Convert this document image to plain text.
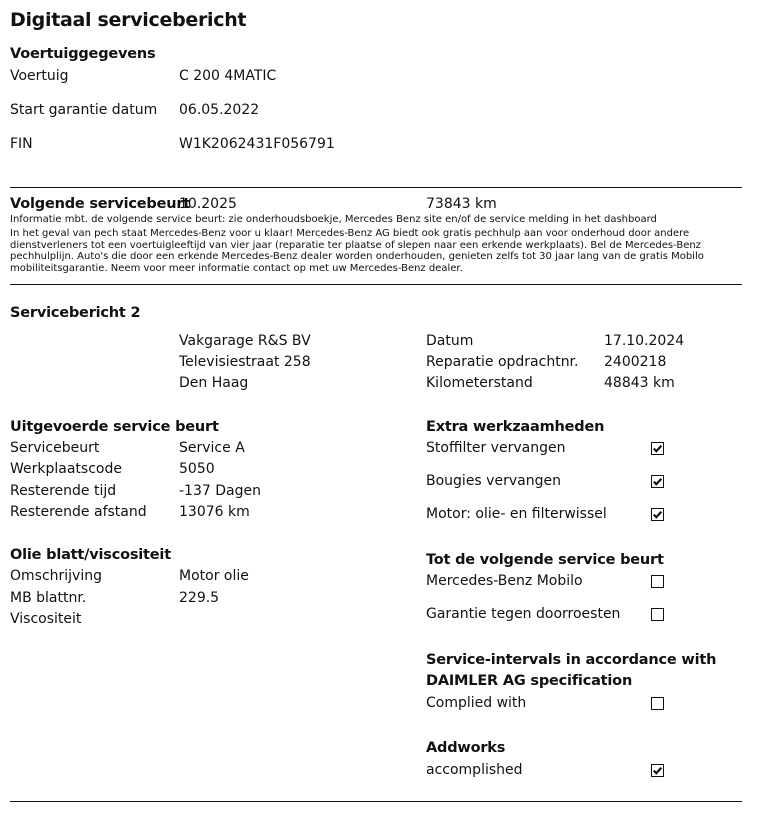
Digitaal servicebericht
Voertuiggegevens
Voertuig	C 200 4MATIC
Start garantie datum 06.05.2022
FIN	W1K2062431F056791
Volgende servicebeurt
10.2025	73843 km
Informatie mbt. de volgende service beurt: zie onderhoudsboekje, Mercedes Benz site en/of de service melding in het dashboard
In het geval van pech staat Mercedes-Benz voor u klaar! Mercedes-Benz AG biedt ook gratis pechhulp aan voor onderhoud door andere dienstverleners tot een voertuigleeftijd van vier jaar (reparatie ter plaatse of slepen naar een erkende werkplaats). Bel de Mercedes-Benz pechhulplijn. Auto's die door een erkende Mercedes-Benz dealer worden onderhouden, genieten zelfs tot 30 jaar lang van de gratis Mobilo mobiliteitsgarantie. Neem voor meer informatie contact op met uw Mercedes-Benz dealer.
Servicebericht 2
Vakgarage R&S BV
Televisiestraat 258
Den Haag
Datum	17.10.2024
Reparatie opdrachtnr. 2400218
Kilometerstand	48843 km
Uitgevoerde service beurt
Servicebeurt	Service A
Werkplaatscode	5050
Resterende tijd	-137 Dagen
Resterende afstand 13076 km
Olie blatt/viscositeit
Omschrijving	Motor olie
MB blattnr.	229.5
Viscositeit
Extra werkzaamheden
Stoffilter vervangen
Bougies vervangen
Motor: olie- en filterwissel
Tot de volgende service beurt
Mercedes-Benz Mobilo
Garantie tegen doorroesten
Service-intervals in accordance with
DAIMLER AG specification
Complied with
Addworks
accomplished
